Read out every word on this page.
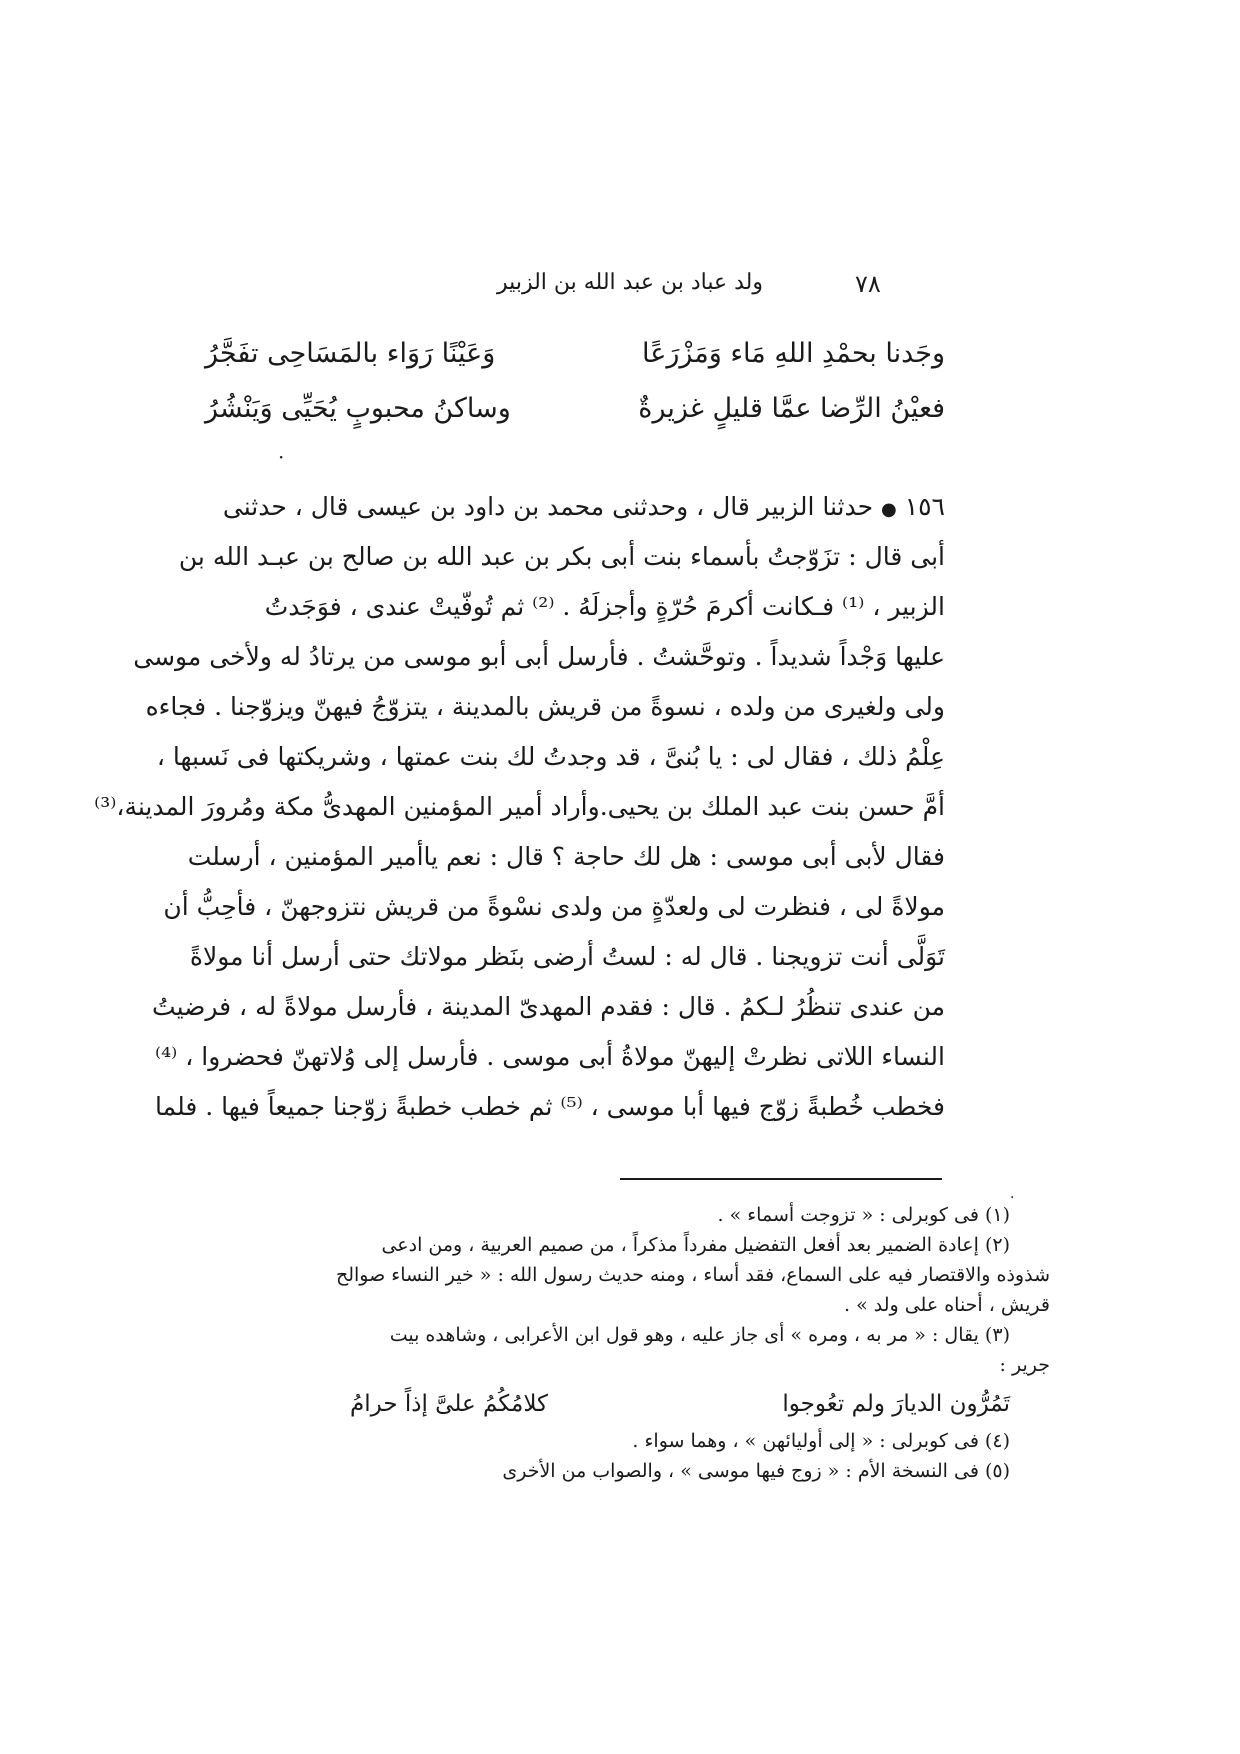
٧٨
ولد عباد بن عبد الله بن الزبير
وجَدنا بحمْدِ اللهِ مَاء وَمَزْرَعًا
وَعَيْنًا رَوَاء بالمَسَاحِى تفَجَّرُ
فعيْنُ الرِّضا عمَّا قليلٍ غزيرةٌ
وساكنُ محبوبٍ يُحَيِّى وَيَنْشُرُ
·
١٥٦ ● حدثنا الزبير قال ، وحدثنى محمد بن داود بن عيسى قال ، حدثنى
أبى قال : تزَوّجتُ بأسماء بنت أبى بكر بن عبد الله بن صالح بن عبـد الله بن
الزبير ، ⁽¹⁾ فـكانت أكرمَ حُرّةٍ وأجزلَهُ . ⁽²⁾ ثم تُوفّيتْ عندى ، فوَجَدتُ
عليها وَجْداً شديداً . وتوحَّشتُ . فأرسل أبى أبو موسى من يرتادُ له ولأخى موسى
ولى ولغيرى من ولده ، نسوةً من قريش بالمدينة ، يتزوّجُ فيهنّ ويزوّجنا . فجاءه
عِلْمُ ذلك ، فقال لى : يا بُنىَّ ، قد وجدتُ لك بنت عمتها ، وشريكتها فى نَسبها ،
أمَّ حسن بنت عبد الملك بن يحيى.وأراد أمير المؤمنين المهدىُّ مكة ومُرورَ المدينة،⁽³⁾
فقال لأبى أبى موسى : هل لك حاجة ؟ قال : نعم ياأمير المؤمنين ، أرسلت
مولاةً لى ، فنظرت لى ولعدّةٍ من ولدى نسْوةً من قريش نتزوجهنّ ، فأحِبُّ أن
تَوَلَّى أنت تزويجنا . قال له : لستُ أرضى بنَظر مولاتك حتى أرسل أنا مولاةً
من عندى تنظُرُ لـكمُ . قال : فقدم المهدىّ المدينة ، فأرسل مولاةً له ، فرضيتُ
النساء اللاتى نظرتْ إليهنّ مولاةُ أبى موسى . فأرسل إلى وُلاتهنّ فحضروا ، ⁽⁴⁾
فخطب خُطبةً زوّج فيها أبا موسى ، ⁽⁵⁾ ثم خطب خطبةً زوّجنا جميعاً فيها . فلما
·
(١) فى كوبرلى : « تزوجت أسماء » .
(٢) إعادة الضمير بعد أفعل التفضيل مفرداً مذكراً ، من صميم العربية ، ومن ادعى
شذوذه والاقتصار فيه على السماع، فقد أساء ، ومنه حديث رسول الله : « خير النساء صوالح
قريش ، أحناه على ولد » .
(٣) يقال : « مر به ، ومره » أى جاز عليه ، وهو قول ابن الأعرابى ، وشاهده بيت
جرير :
تَمُرُّون الديارَ ولم تعُوجوا
كلامُكُمُ علىَّ إذاً حرامُ
(٤) فى كوبرلى : « إلى أوليائهن » ، وهما سواء .
(٥) فى النسخة الأم : « زوج فيها موسى » ، والصواب من الأخرى
